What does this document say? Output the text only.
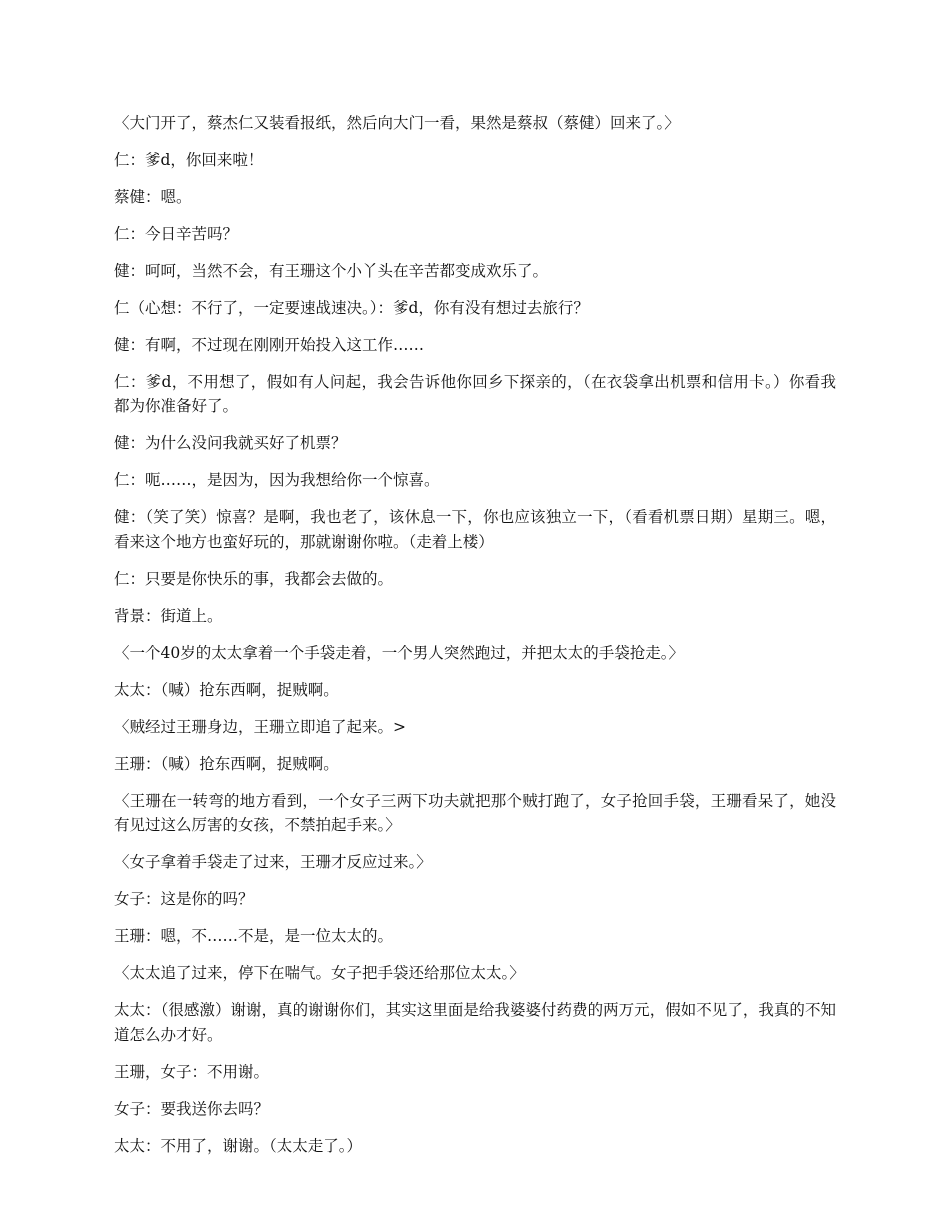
〈大门开了，蔡杰仁又装看报纸，然后向大门一看，果然是蔡叔（蔡健）回来了。〉

仁：爹d，你回来啦！

蔡健：嗯。

仁：今日辛苦吗？

健：呵呵，当然不会，有王珊这个小丫头在辛苦都变成欢乐了。

仁（心想：不行了，一定要速战速决。）：爹d，你有没有想过去旅行？

健：有啊，不过现在刚刚开始投入这工作……

仁：爹d，不用想了，假如有人问起，我会告诉他你回乡下探亲的，（在衣袋拿出机票和信用卡。）你看我都为你准备好了。

健：为什么没问我就买好了机票？

仁：呃……，是因为，因为我想给你一个惊喜。

健：（笑了笑）惊喜？是啊，我也老了，该休息一下，你也应该独立一下，（看看机票日期）星期三。嗯，看来这个地方也蛮好玩的，那就谢谢你啦。（走着上楼）

仁：只要是你快乐的事，我都会去做的。

背景：街道上。

〈一个40岁的太太拿着一个手袋走着，一个男人突然跑过，并把太太的手袋抢走。〉

太太：（喊）抢东西啊，捉贼啊。

〈贼经过王珊身边，王珊立即追了起来。>

王珊：（喊）抢东西啊，捉贼啊。

〈王珊在一转弯的地方看到，一个女子三两下功夫就把那个贼打跑了，女子抢回手袋，王珊看呆了，她没有见过这么厉害的女孩，不禁拍起手来。〉

〈女子拿着手袋走了过来，王珊才反应过来。〉

女子：这是你的吗？

王珊：嗯，不……不是，是一位太太的。

〈太太追了过来，停下在喘气。女子把手袋还给那位太太。〉

太太：（很感激）谢谢，真的谢谢你们，其实这里面是给我婆婆付药费的两万元，假如不见了，我真的不知道怎么办才好。

王珊，女子：不用谢。

女子：要我送你去吗？

太太：不用了，谢谢。（太太走了。）
